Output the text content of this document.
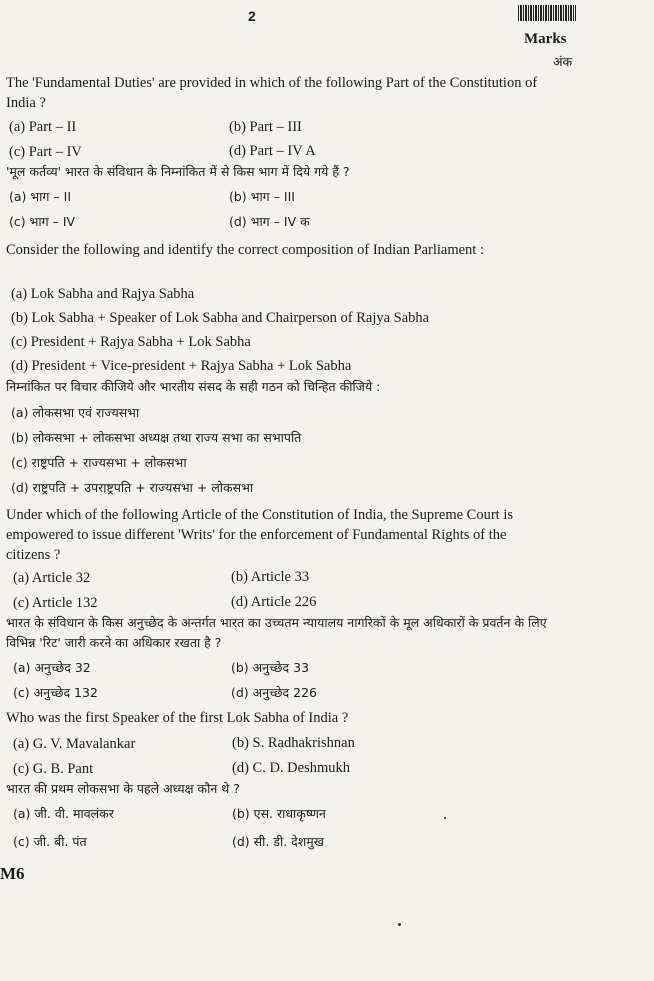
2
Marks
अंक
The 'Fundamental Duties' are provided in which of the following Part of the Constitution of India ?
(a) Part – II	(b) Part – III
(c) Part – IV	(d) Part – IV A
'मूल कर्तव्य' भारत के संविधान के निम्नांकित में से किस भाग में दिये गये हैं ?
(a) भाग – II	(b) भाग – III
(c) भाग – IV	(d) भाग – IV क
Consider the following and identify the correct composition of Indian Parliament :
(a) Lok Sabha and Rajya Sabha
(b) Lok Sabha + Speaker of Lok Sabha and Chairperson of Rajya Sabha
(c) President + Rajya Sabha + Lok Sabha
(d) President + Vice-president + Rajya Sabha + Lok Sabha
निम्नांकित पर विचार कीजिये और भारतीय संसद के सही गठन को चिन्हित कीजिये :
(a) लोकसभा एवं राज्यसभा
(b) लोकसभा + लोकसभा अध्यक्ष तथा राज्य सभा का सभापति
(c) राष्ट्रपति + राज्यसभा + लोकसभा
(d) राष्ट्रपति + उपराष्ट्रपति + राज्यसभा + लोकसभा
Under which of the following Article of the Constitution of India, the Supreme Court is empowered to issue different 'Writs' for the enforcement of Fundamental Rights of the citizens ?
(a) Article 32	(b) Article 33
(c) Article 132	(d) Article 226
भारत के संविधान के किस अनुच्छेद के अन्तर्गत भारत का उच्चतम न्यायालय नागरिकों के मूल अधिकारों के प्रवर्तन के लिए विभिन्न 'रिट' जारी करने का अधिकार रखता है ?
(a) अनुच्छेद 32	(b) अनुच्छेद 33
(c) अनुच्छेद 132	(d) अनुच्छेद 226
Who was the first Speaker of the first Lok Sabha of India ?
(a) G. V. Mavalankar	(b) S. Radhakrishnan
(c) G. B. Pant	(d) C. D. Deshmukh
भारत की प्रथम लोकसभा के पहले अध्यक्ष कौन थे ?
(a) जी. वी. मावलंकर	(b) एस. राधाकृष्णन
(c) जी. बी. पंत	(d) सी. डी. देशमुख
M6
